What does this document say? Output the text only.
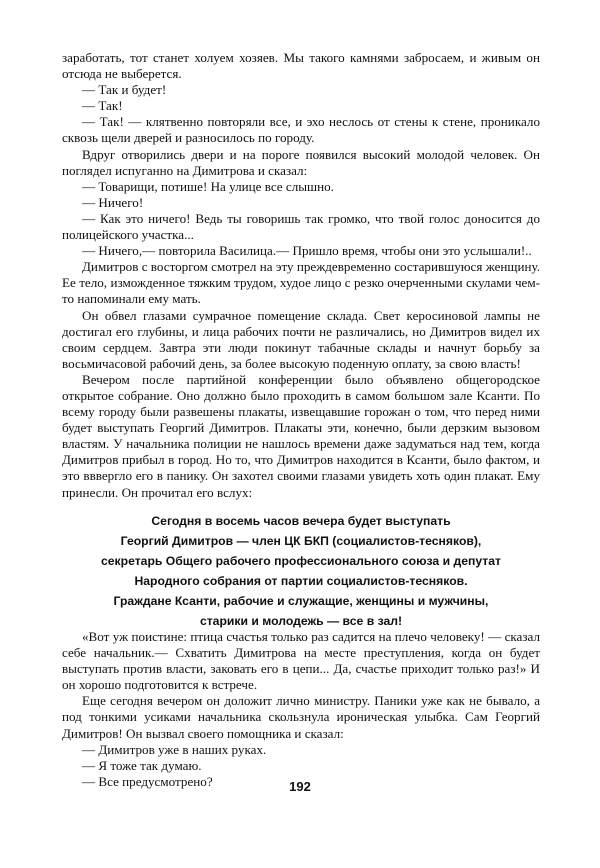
заработать, тот станет холуем хозяев. Мы такого камнями забросаем, и живым он отсюда не выберется.

— Так и будет!

— Так!

— Так! — клятвенно повторяли все, и эхо неслось от стены к стене, проникало сквозь щели дверей и разносилось по городу.

Вдруг отворились двери и на пороге появился высокий молодой человек. Он поглядел испуганно на Димитрова и сказал:

— Товарищи, потише! На улице все слышно.

— Ничего!

— Как это ничего! Ведь ты говоришь так громко, что твой голос доносится до полицейского участка...

— Ничего,— повторила Василица.— Пришло время, чтобы они это услышали!..

Димитров с восторгом смотрел на эту преждевременно состарившуюся женщину. Ее тело, изможденное тяжким трудом, худое лицо с резко очерченными скулами чем-то напоминали ему мать.

Он обвел глазами сумрачное помещение склада. Свет керосиновой лампы не достигал его глубины, и лица рабочих почти не различались, но Димитров видел их своим сердцем. Завтра эти люди покинут табачные склады и начнут борьбу за восьмичасовой рабочий день, за более высокую поденную оплату, за свою власть!

Вечером после партийной конференции было объявлено общегородское открытое собрание. Оно должно было проходить в самом большом зале Ксанти. По всему городу были развешены плакаты, извещавшие горожан о том, что перед ними будет выступать Георгий Димитров. Плакаты эти, конечно, были дерзким вызовом властям. У начальника полиции не нашлось времени даже задуматься над тем, когда Димитров прибыл в город. Но то, что Димитров находится в Ксанти, было фактом, и это вввергло его в панику. Он захотел своими глазами увидеть хоть один плакат. Ему принесли. Он прочитал его вслух:

Сегодня в восемь часов вечера будет выступать
Георгий Димитров — член ЦК БКП (социалистов-тесняков),
секретарь Общего рабочего профессионального союза и депутат
Народного собрания от партии социалистов-тесняков.
Граждане Ксанти, рабочие и служащие, женщины и мужчины,
старики и молодежь — все в зал!

«Вот уж поистине: птица счастья только раз садится на плечо человеку! — сказал себе начальник.— Схватить Димитрова на месте преступления, когда он будет выступать против власти, заковать его в цепи... Да, счастье приходит только раз!» И он хорошо подготовится к встрече.

Еще сегодня вечером он доложит лично министру. Паники уже как не бывало, а под тонкими усиками начальника скользнула ироническая улыбка. Сам Георгий Димитров! Он вызвал своего помощника и сказал:

— Димитров уже в наших руках.

— Я тоже так думаю.

— Все предусмотрено?	192
